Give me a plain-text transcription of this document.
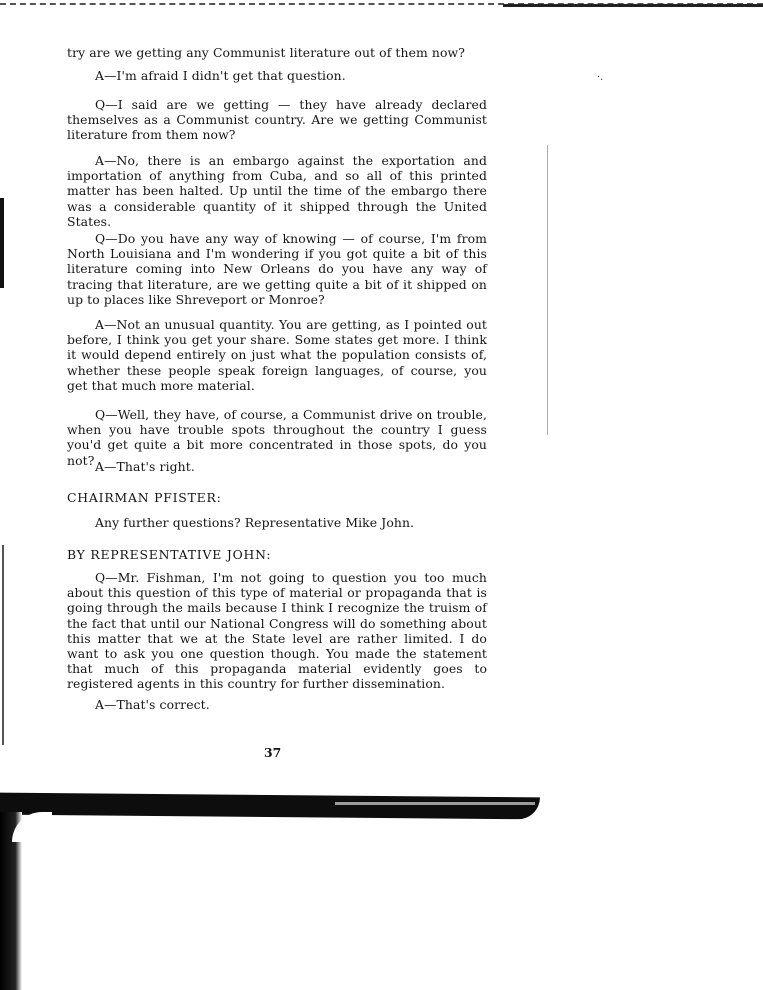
·.

try are we getting any Communist literature out of them now?

A—I'm afraid I didn't get that question.

Q—I said are we getting — they have already declared themselves as a Communist country. Are we getting Communist literature from them now?

A—No, there is an embargo against the exportation and importation of anything from Cuba, and so all of this printed matter has been halted. Up until the time of the embargo there was a considerable quantity of it shipped through the United States.

Q—Do you have any way of knowing — of course, I'm from North Louisiana and I'm wondering if you got quite a bit of this literature coming into New Orleans do you have any way of tracing that literature, are we getting quite a bit of it shipped on up to places like Shreveport or Monroe?

A—Not an unusual quantity. You are getting, as I pointed out before, I think you get your share. Some states get more. I think it would depend entirely on just what the population consists of, whether these people speak foreign languages, of course, you get that much more material.

Q—Well, they have, of course, a Communist drive on trouble, when you have trouble spots throughout the country I guess you'd get quite a bit more concentrated in those spots, do you not? A—That's right.

CHAIRMAN PFISTER:

Any further questions? Representative Mike John.

BY REPRESENTATIVE JOHN:

Q—Mr. Fishman, I'm not going to question you too much about this question of this type of material or propaganda that is going through the mails because I think I recognize the truism of the fact that until our National Congress will do something about this matter that we at the State level are rather limited. I do want to ask you one question though. You made the statement that much of this propaganda material evidently goes to registered agents in this country for further dissemination.

A—That's correct.

37
